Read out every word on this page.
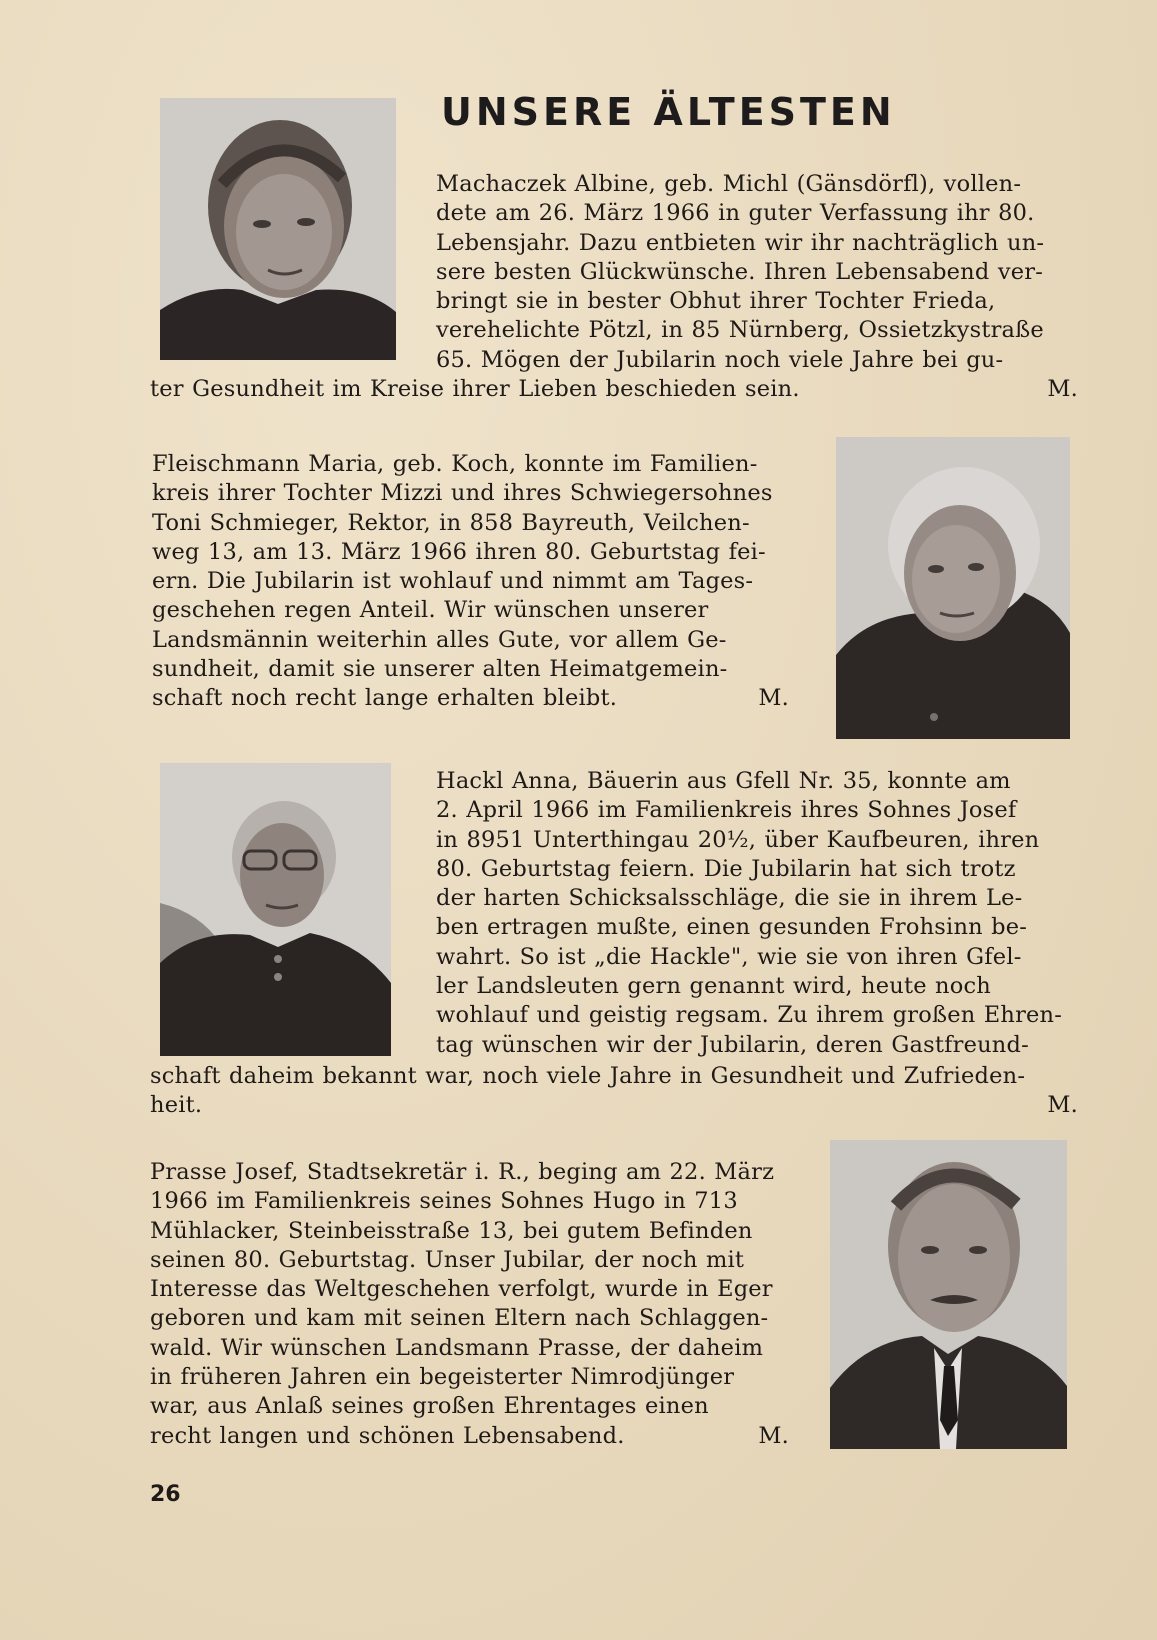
UNSERE ÄLTESTEN
Machaczek Albine, geb. Michl (Gänsdörfl), vollen-
dete am 26. März 1966 in guter Verfassung ihr 80.
Lebensjahr. Dazu entbieten wir ihr nachträglich un-
sere besten Glückwünsche. Ihren Lebensabend ver-
bringt sie in bester Obhut ihrer Tochter Frieda,
verehelichte Pötzl, in 85 Nürnberg, Ossietzkystraße
65. Mögen der Jubilarin noch viele Jahre bei gu-
ter Gesundheit im Kreise ihrer Lieben beschieden sein.	M.
Fleischmann Maria, geb. Koch, konnte im Familien-
kreis ihrer Tochter Mizzi und ihres Schwiegersohnes
Toni Schmieger, Rektor, in 858 Bayreuth, Veilchen-
weg 13, am 13. März 1966 ihren 80. Geburtstag fei-
ern. Die Jubilarin ist wohlauf und nimmt am Tages-
geschehen regen Anteil. Wir wünschen unserer
Landsmännin weiterhin alles Gute, vor allem Ge-
sundheit, damit sie unserer alten Heimatgemein-
schaft noch recht lange erhalten bleibt.	M.
Hackl Anna, Bäuerin aus Gfell Nr. 35, konnte am
2. April 1966 im Familienkreis ihres Sohnes Josef
in 8951 Unterthingau 20½, über Kaufbeuren, ihren
80. Geburtstag feiern. Die Jubilarin hat sich trotz
der harten Schicksalsschläge, die sie in ihrem Le-
ben ertragen mußte, einen gesunden Frohsinn be-
wahrt. So ist „die Hackle", wie sie von ihren Gfel-
ler Landsleuten gern genannt wird, heute noch
wohlauf und geistig regsam. Zu ihrem großen Ehren-
tag wünschen wir der Jubilarin, deren Gastfreund-
schaft daheim bekannt war, noch viele Jahre in Gesundheit und Zufrieden-
heit.	M.
Prasse Josef, Stadtsekretär i. R., beging am 22. März
1966 im Familienkreis seines Sohnes Hugo in 713
Mühlacker, Steinbeisstraße 13, bei gutem Befinden
seinen 80. Geburtstag. Unser Jubilar, der noch mit
Interesse das Weltgeschehen verfolgt, wurde in Eger
geboren und kam mit seinen Eltern nach Schlaggen-
wald. Wir wünschen Landsmann Prasse, der daheim
in früheren Jahren ein begeisterter Nimrodjünger
war, aus Anlaß seines großen Ehrentages einen
recht langen und schönen Lebensabend.	M.
26
